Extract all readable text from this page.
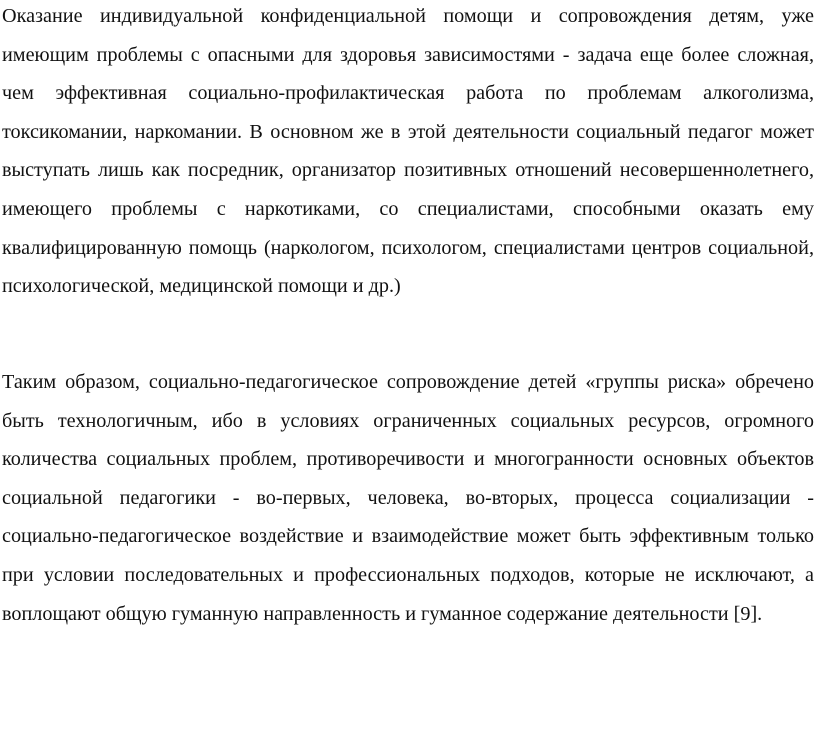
Оказание индивидуальной конфиденциальной помощи и сопровождения детям, уже имеющим проблемы с опасными для здоровья зависимостями - задача еще более сложная, чем эффективная социально-профилактическая работа по проблемам алкоголизма, токсикомании, наркомании. В основном же в этой деятельности социальный педагог может выступать лишь как посредник, организатор позитивных отношений несовершеннолетнего, имеющего проблемы с наркотиками, со специалистами, способными оказать ему квалифицированную помощь (наркологом, психологом, специалистами центров социальной, психологической, медицинской помощи и др.)

Таким образом, социально-педагогическое сопровождение детей «группы риска» обречено быть технологичным, ибо в условиях ограниченных социальных ресурсов, огромного количества социальных проблем, противоречивости и многогранности основных объектов социальной педагогики - во-первых, человека, во-вторых, процесса социализации - социально-педагогическое воздействие и взаимодействие может быть эффективным только при условии последовательных и профессиональных подходов, которые не исключают, а воплощают общую гуманную направленность и гуманное содержание деятельности [9].
